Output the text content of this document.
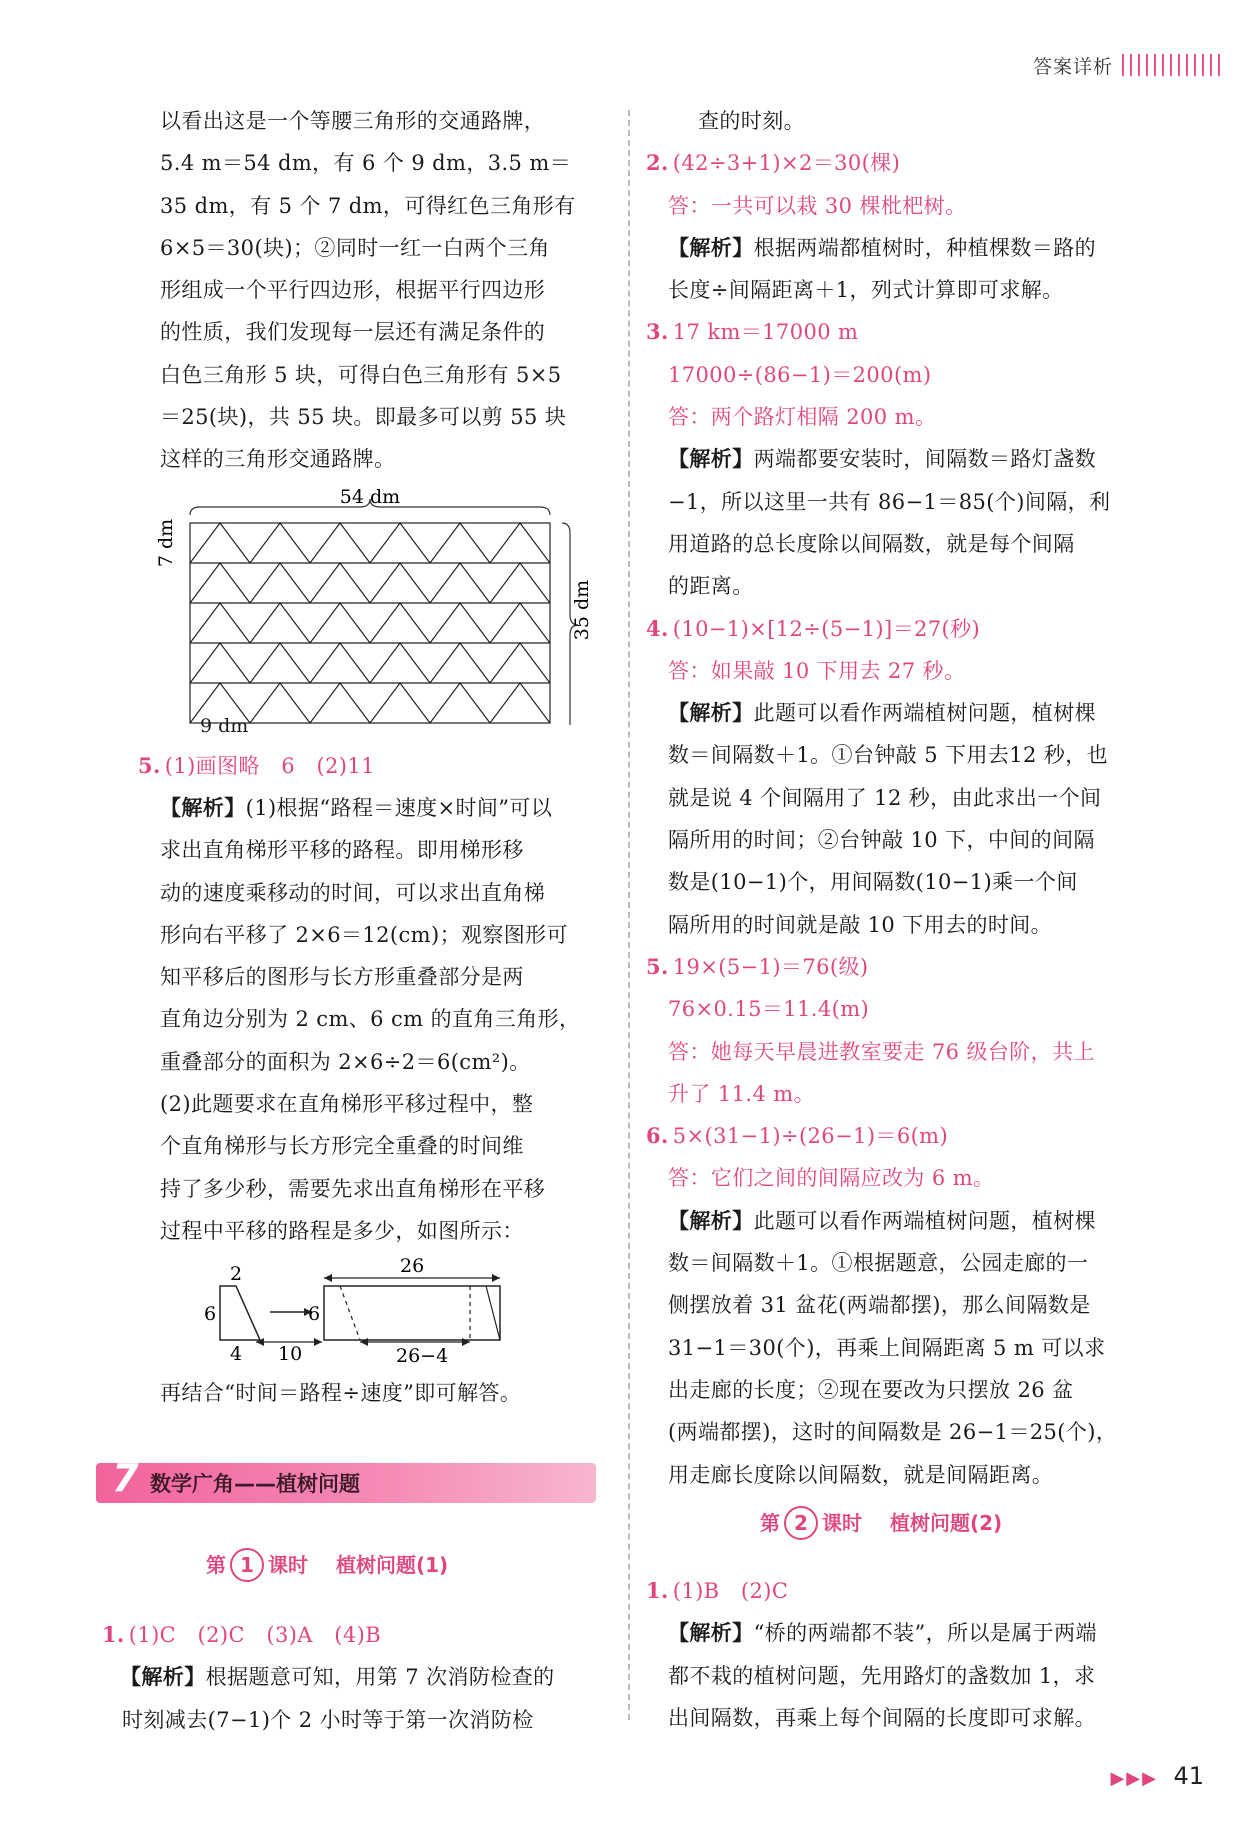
答案详析

以看出这是一个等腰三角形的交通路牌，

5.4 m＝54 dm，有 6 个 9 dm，3.5 m＝

35 dm，有 5 个 7 dm，可得红色三角形有

6×5＝30(块)；②同时一红一白两个三角

形组成一个平行四边形，根据平行四边形

的性质，我们发现每一层还有满足条件的

白色三角形 5 块，可得白色三角形有 5×5

＝25(块)，共 55 块。即最多可以剪 55 块

这样的三角形交通路牌。

54 dm
7 dm
35 dm
9 dm

5. (1)画图略　6　(2)11

【解析】(1)根据“路程＝速度×时间”可以

求出直角梯形平移的路程。即用梯形移

动的速度乘移动的时间，可以求出直角梯

形向右平移了 2×6＝12(cm)；观察图形可

知平移后的图形与长方形重叠部分是两

直角边分别为 2 cm、6 cm 的直角三角形，

重叠部分的面积为 2×6÷2＝6(cm²)。

(2)此题要求在直角梯形平移过程中，整

个直角梯形与长方形完全重叠的时间维

持了多少秒，需要先求出直角梯形在平移

过程中平移的路程是多少，如图所示：

2
6
4
6
10
26
26−4

再结合“时间＝路程÷速度”即可解答。

7 数学广角——植树问题
第 1 课时 植树问题(1)

1. (1)C　(2)C　(3)A　(4)B

【解析】根据题意可知，用第 7 次消防检查的

时刻减去(7−1)个 2 小时等于第一次消防检

查的时刻。

2. (42÷3+1)×2＝30(棵)

答：一共可以栽 30 棵枇杷树。

【解析】根据两端都植树时，种植棵数＝路的

长度÷间隔距离＋1，列式计算即可求解。

3. 17 km＝17000 m

17000÷(86−1)＝200(m)

答：两个路灯相隔 200 m。

【解析】两端都要安装时，间隔数＝路灯盏数

−1，所以这里一共有 86−1＝85(个)间隔，利

用道路的总长度除以间隔数，就是每个间隔

的距离。

4. (10−1)×[12÷(5−1)]＝27(秒)

答：如果敲 10 下用去 27 秒。

【解析】此题可以看作两端植树问题，植树棵

数＝间隔数＋1。①台钟敲 5 下用去12 秒，也

就是说 4 个间隔用了 12 秒，由此求出一个间

隔所用的时间；②台钟敲 10 下，中间的间隔

数是(10−1)个，用间隔数(10−1)乘一个间

隔所用的时间就是敲 10 下用去的时间。

5. 19×(5−1)＝76(级)

76×0.15＝11.4(m)

答：她每天早晨进教室要走 76 级台阶，共上

升了 11.4 m。

6. 5×(31−1)÷(26−1)＝6(m)

答：它们之间的间隔应改为 6 m。

【解析】此题可以看作两端植树问题，植树棵

数＝间隔数＋1。①根据题意，公园走廊的一

侧摆放着 31 盆花(两端都摆)，那么间隔数是

31−1＝30(个)，再乘上间隔距离 5 m 可以求

出走廊的长度；②现在要改为只摆放 26 盆

(两端都摆)，这时的间隔数是 26−1＝25(个)，

用走廊长度除以间隔数，就是间隔距离。

第 2 课时 植树问题(2)

1. (1)B　(2)C

【解析】“桥的两端都不装”，所以是属于两端

都不栽的植树问题，先用路灯的盏数加 1，求

出间隔数，再乘上每个间隔的长度即可求解。

▶▶▶ 41
